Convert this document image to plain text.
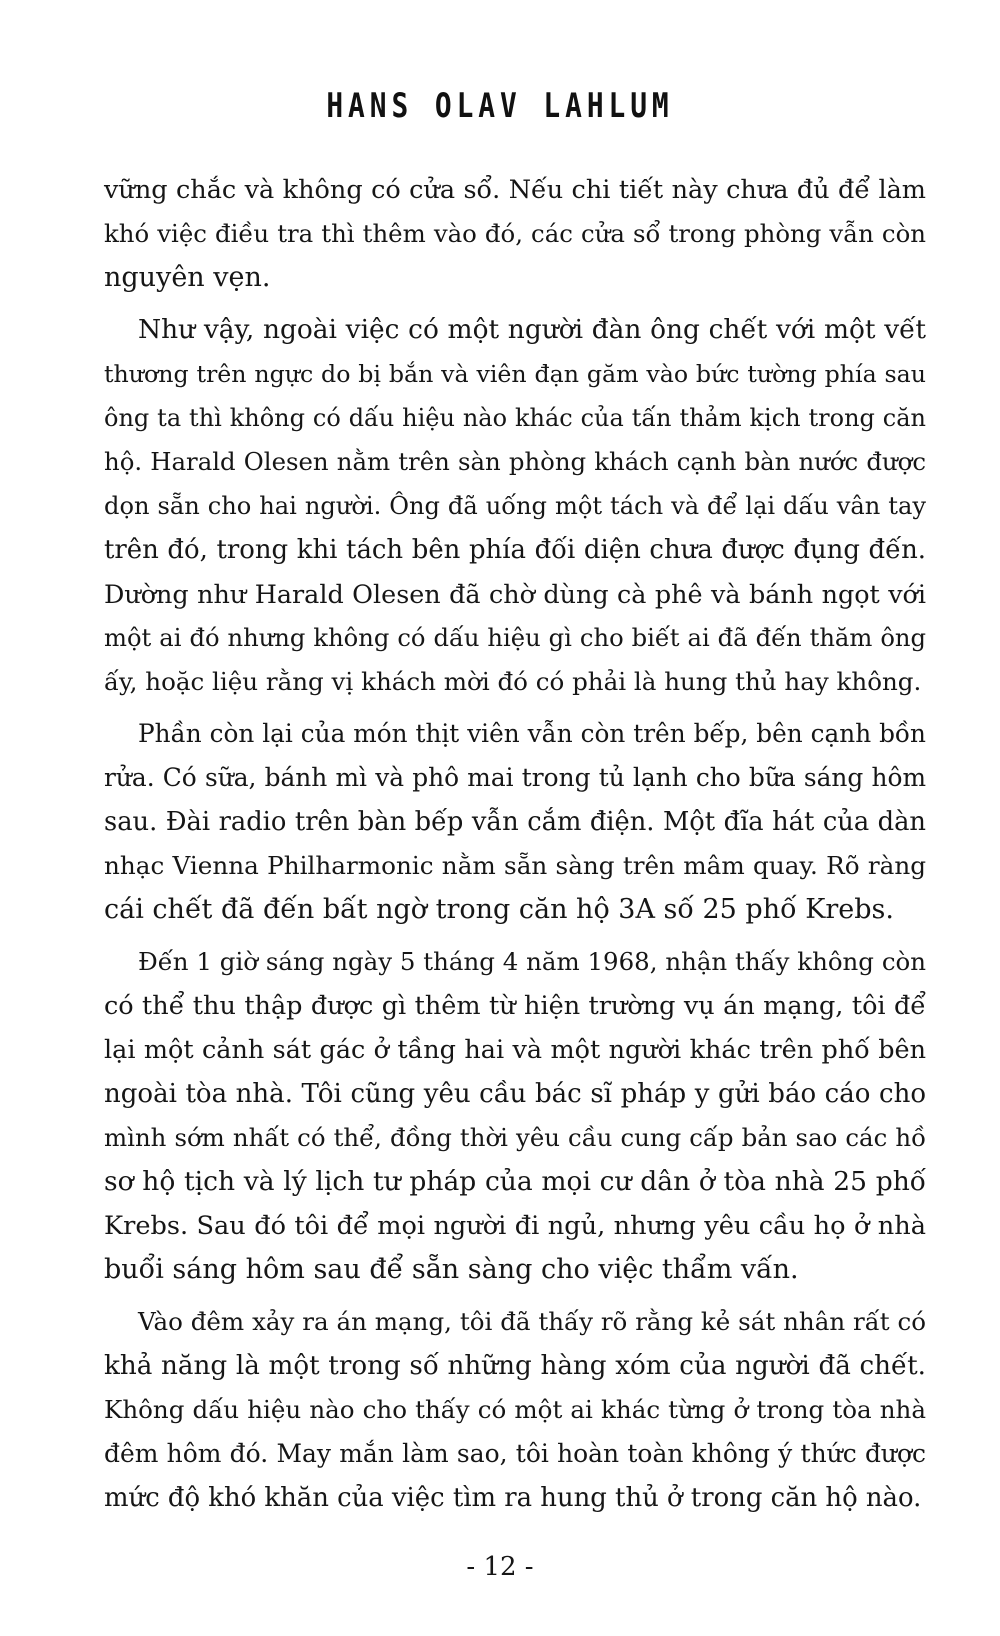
HANS OLAV LAHLUM

vững chắc và không có cửa sổ. Nếu chi tiết này chưa đủ để làm
khó việc điều tra thì thêm vào đó, các cửa sổ trong phòng vẫn còn
nguyên vẹn.

Như vậy, ngoài việc có một người đàn ông chết với một vết
thương trên ngực do bị bắn và viên đạn găm vào bức tường phía sau
ông ta thì không có dấu hiệu nào khác của tấn thảm kịch trong căn
hộ. Harald Olesen nằm trên sàn phòng khách cạnh bàn nước được
dọn sẵn cho hai người. Ông đã uống một tách và để lại dấu vân tay
trên đó, trong khi tách bên phía đối diện chưa được đụng đến.
Dường như Harald Olesen đã chờ dùng cà phê và bánh ngọt với
một ai đó nhưng không có dấu hiệu gì cho biết ai đã đến thăm ông
ấy, hoặc liệu rằng vị khách mời đó có phải là hung thủ hay không.

Phần còn lại của món thịt viên vẫn còn trên bếp, bên cạnh bồn
rửa. Có sữa, bánh mì và phô mai trong tủ lạnh cho bữa sáng hôm
sau. Đài radio trên bàn bếp vẫn cắm điện. Một đĩa hát của dàn
nhạc Vienna Philharmonic nằm sẵn sàng trên mâm quay. Rõ ràng
cái chết đã đến bất ngờ trong căn hộ 3A số 25 phố Krebs.

Đến 1 giờ sáng ngày 5 tháng 4 năm 1968, nhận thấy không còn
có thể thu thập được gì thêm từ hiện trường vụ án mạng, tôi để
lại một cảnh sát gác ở tầng hai và một người khác trên phố bên
ngoài tòa nhà. Tôi cũng yêu cầu bác sĩ pháp y gửi báo cáo cho
mình sớm nhất có thể, đồng thời yêu cầu cung cấp bản sao các hồ
sơ hộ tịch và lý lịch tư pháp của mọi cư dân ở tòa nhà 25 phố
Krebs. Sau đó tôi để mọi người đi ngủ, nhưng yêu cầu họ ở nhà
buổi sáng hôm sau để sẵn sàng cho việc thẩm vấn.

Vào đêm xảy ra án mạng, tôi đã thấy rõ rằng kẻ sát nhân rất có
khả năng là một trong số những hàng xóm của người đã chết.
Không dấu hiệu nào cho thấy có một ai khác từng ở trong tòa nhà
đêm hôm đó. May mắn làm sao, tôi hoàn toàn không ý thức được
mức độ khó khăn của việc tìm ra hung thủ ở trong căn hộ nào.

- 12 -
